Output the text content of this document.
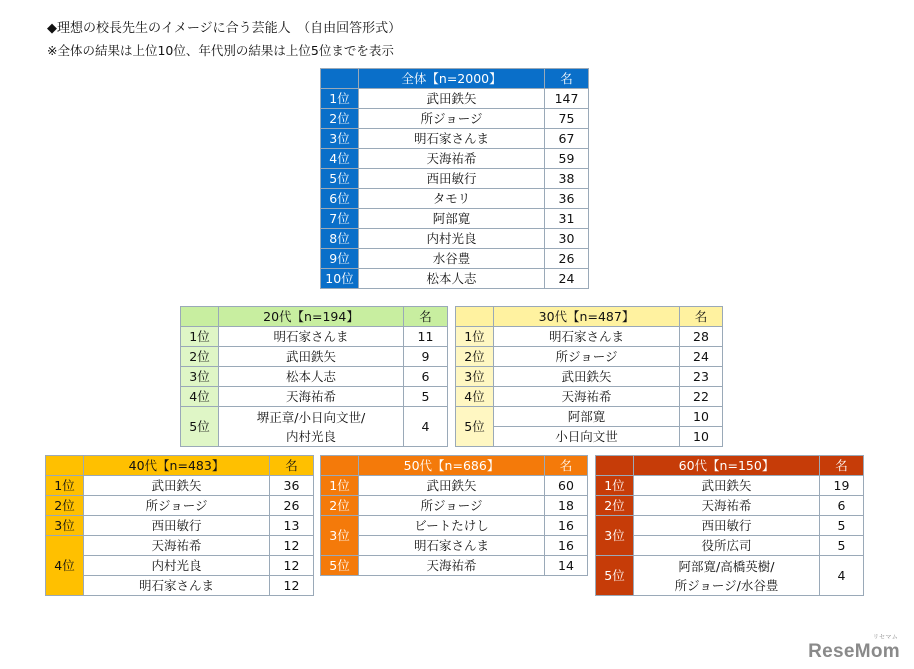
◆理想の校長先生のイメージに合う芸能人　（自由回答形式）
※全体の結果は上位10位、年代別の結果は上位5位までを表示
	全体【n=2000】	名
1位	武田鉄矢	147
2位	所ジョージ	75
3位	明石家さんま	67
4位	天海祐希	59
5位	西田敏行	38
6位	タモリ	36
7位	阿部寛	31
8位	内村光良	30
9位	水谷豊	26
10位	松本人志	24
	20代【n=194】	名
1位	明石家さんま	11
2位	武田鉄矢	9
3位	松本人志	6
4位	天海祐希	5
5位	堺正章/小日向文世/
内村光良	4
	30代【n=487】	名
1位	明石家さんま	28
2位	所ジョージ	24
3位	武田鉄矢	23
4位	天海祐希	22
5位	阿部寛	10
	小日向文世	10
	40代【n=483】	名
1位	武田鉄矢	36
2位	所ジョージ	26
3位	西田敏行	13
4位	天海祐希	12
	内村光良	12
	明石家さんま	12
	50代【n=686】	名
1位	武田鉄矢	60
2位	所ジョージ	18
3位	ビートたけし	16
	明石家さんま	16
5位	天海祐希	14
	60代【n=150】	名
1位	武田鉄矢	19
2位	天海祐希	6
3位	西田敏行	5
	役所広司	5
5位	阿部寛/高橋英樹/
所ジョージ/水谷豊	4
リセマム
ReseMom
